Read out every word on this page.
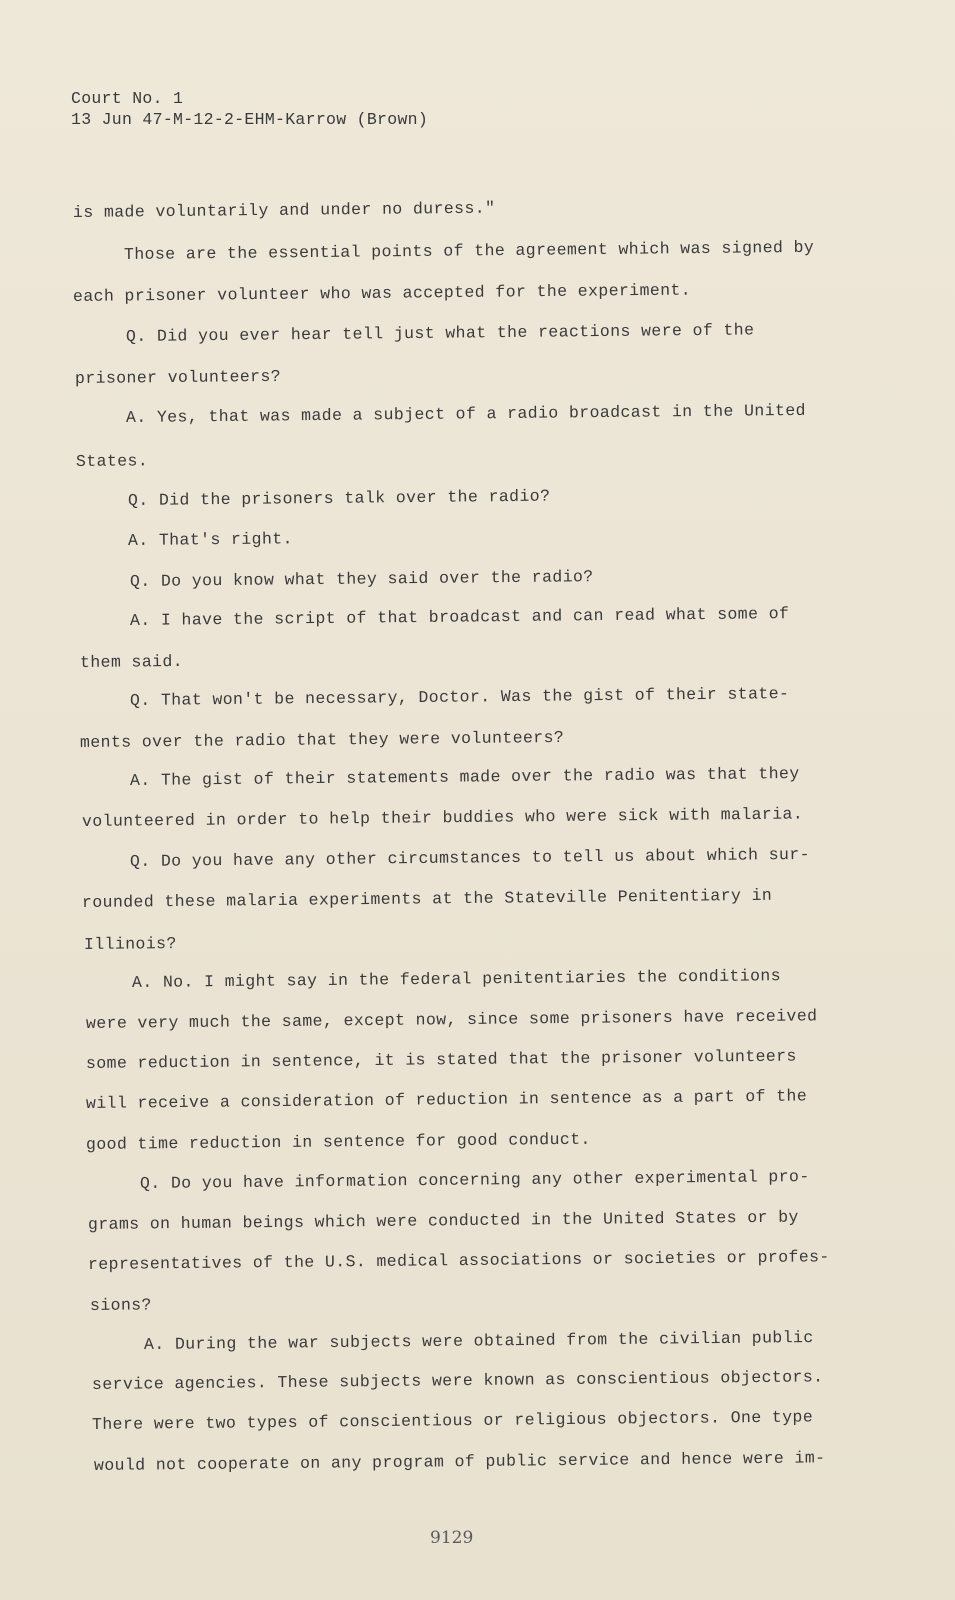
Court No. 1
13 Jun 47-M-12-2-EHM-Karrow (Brown)
is made voluntarily and under no duress."
Those are the essential points of the agreement which was signed by
each prisoner volunteer who was accepted for the experiment.
Q. Did you ever hear tell just what the reactions were of the
prisoner volunteers?
A. Yes, that was made a subject of a radio broadcast in the United
States.
Q. Did the prisoners talk over the radio?
A. That's right.
Q. Do you know what they said over the radio?
A. I have the script of that broadcast and can read what some of
them said.
Q. That won't be necessary, Doctor. Was the gist of their state-
ments over the radio that they were volunteers?
A. The gist of their statements made over the radio was that they
volunteered in order to help their buddies who were sick with malaria.
Q. Do you have any other circumstances to tell us about which sur-
rounded these malaria experiments at the Stateville Penitentiary in
Illinois?
A. No. I might say in the federal penitentiaries the conditions
were very much the same, except now, since some prisoners have received
some reduction in sentence, it is stated that the prisoner volunteers
will receive a consideration of reduction in sentence as a part of the
good time reduction in sentence for good conduct.
Q. Do you have information concerning any other experimental pro-
grams on human beings which were conducted in the United States or by
representatives of the U.S. medical associations or societies or profes-
sions?
A. During the war subjects were obtained from the civilian public
service agencies. These subjects were known as conscientious objectors.
There were two types of conscientious or religious objectors. One type
would not cooperate on any program of public service and hence were im-
9129
